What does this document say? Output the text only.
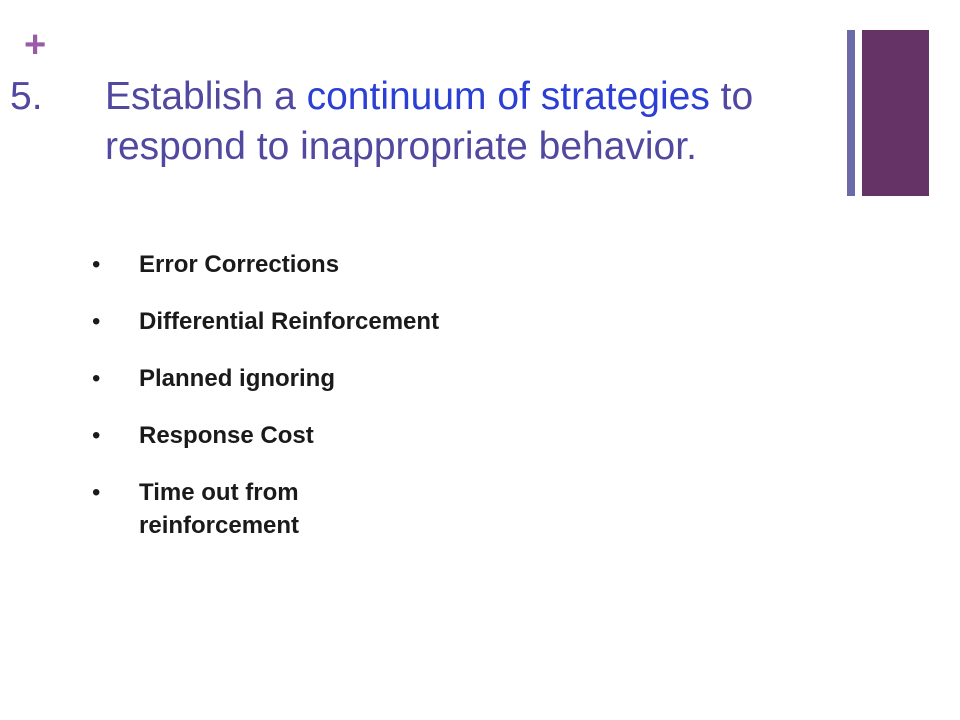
+
5. Establish a continuum of strategies to respond to inappropriate behavior.
• Error Corrections
• Differential Reinforcement
• Planned ignoring
• Response Cost
• Time out from reinforcement
